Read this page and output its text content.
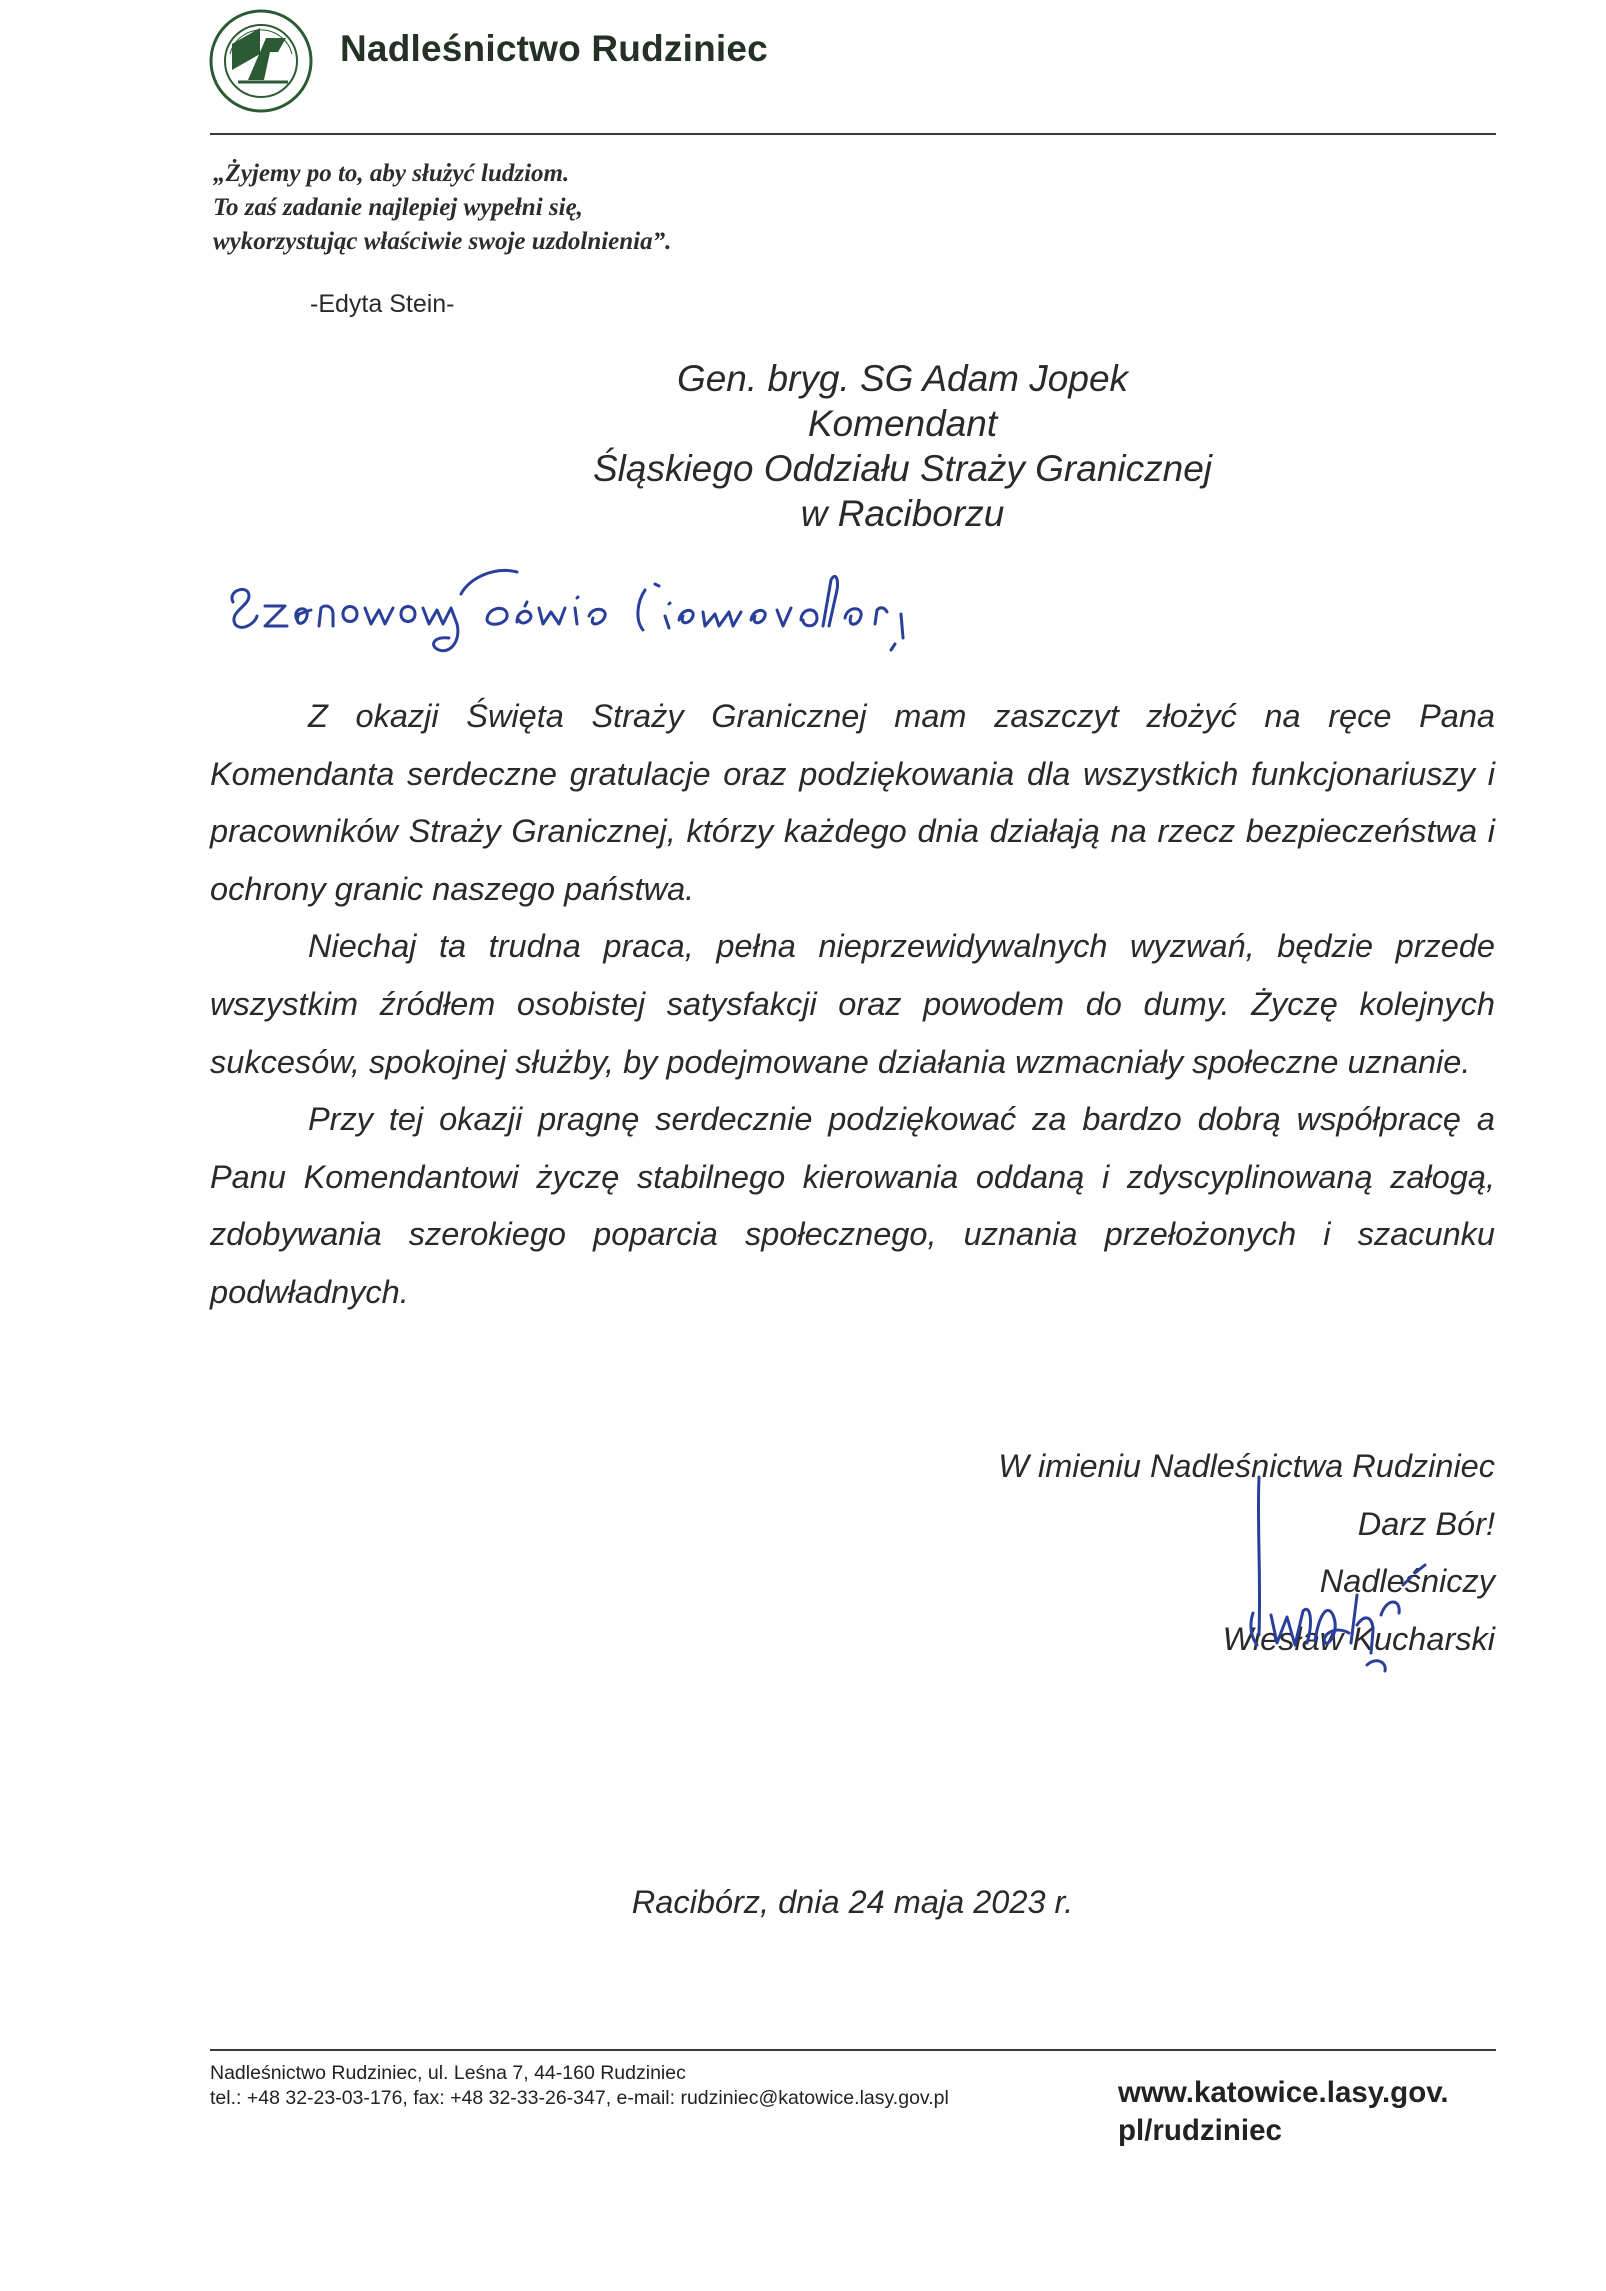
Nadleśnictwo Rudziniec
„Żyjemy po to, aby służyć ludziom.
To zaś zadanie najlepiej wypełni się,
wykorzystując właściwie swoje uzdolnienia”.
-Edyta Stein-
Gen. bryg. SG Adam Jopek
Komendant
Śląskiego Oddziału Straży Granicznej
w Raciborzu

Z okazji Święta Straży Granicznej mam zaszczyt złożyć na ręce Pana Komendanta serdeczne gratulacje oraz podziękowania dla wszystkich funkcjonariuszy i pracowników Straży Granicznej, którzy każdego dnia działają na rzecz bezpieczeństwa i ochrony granic naszego państwa.

Niechaj ta trudna praca, pełna nieprzewidywalnych wyzwań, będzie przede wszystkim źródłem osobistej satysfakcji oraz powodem do dumy. Życzę kolejnych sukcesów, spokojnej służby, by podejmowane działania wzmacniały społeczne uznanie.

Przy tej okazji pragnę serdecznie podziękować za bardzo dobrą współpracę a Panu Komendantowi życzę stabilnego kierowania oddaną i zdyscyplinowaną załogą, zdobywania szerokiego poparcia społecznego, uznania przełożonych i szacunku podwładnych.

W imieniu Nadleśnictwa Rudziniec
Darz Bór!
Nadleśniczy
Wiesław Kucharski
Racibórz, dnia 24 maja 2023 r.
Nadleśnictwo Rudziniec, ul. Leśna 7, 44-160 Rudziniec
tel.: +48 32-23-03-176, fax: +48 32-33-26-347, e-mail: rudziniec@katowice.lasy.gov.pl	www.katowice.lasy.gov.
pl/rudziniec
